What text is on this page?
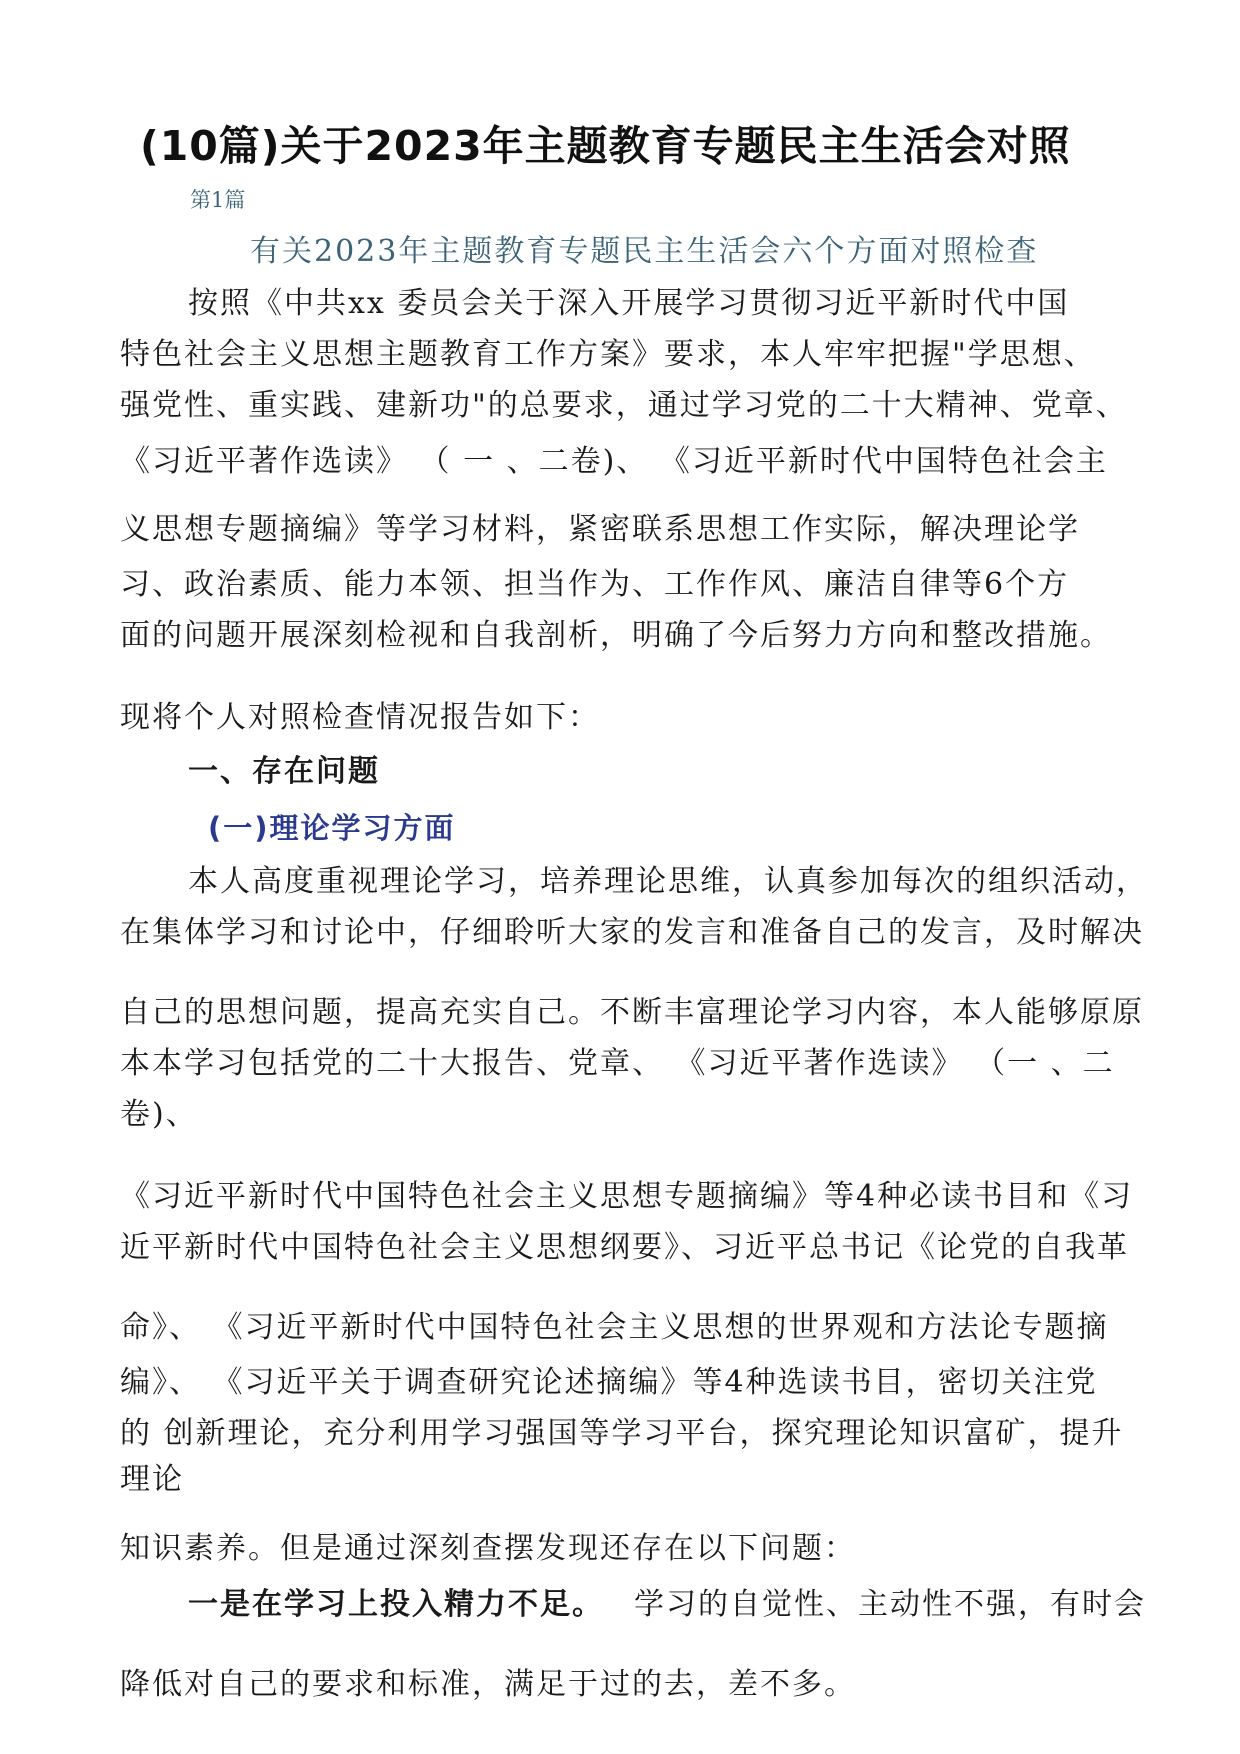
(10篇)关于2023年主题教育专题民主生活会对照
第1篇
有关2023年主题教育专题民主生活会六个方面对照检查
按照《中共xx 委员会关于深入开展学习贯彻习近平新时代中国
特色社会主义思想主题教育工作方案》要求，本人牢牢把握"学思想、
强党性、重实践、建新功"的总要求，通过学习党的二十大精神、党章、
《习近平著作选读》 （ 一 、二卷)、 《习近平新时代中国特色社会主
义思想专题摘编》等学习材料，紧密联系思想工作实际，解决理论学
习、政治素质、能力本领、担当作为、工作作风、廉洁自律等6个方
面的问题开展深刻检视和自我剖析，明确了今后努力方向和整改措施。
现将个人对照检查情况报告如下：
一、存在问题
(一)理论学习方面
本人高度重视理论学习，培养理论思维，认真参加每次的组织活动，
在集体学习和讨论中，仔细聆听大家的发言和准备自己的发言，及时解决
自己的思想问题，提高充实自己。不断丰富理论学习内容，本人能够原原
本本学习包括党的二十大报告、党章、 《习近平著作选读》 （一 、二
卷)、
《习近平新时代中国特色社会主义思想专题摘编》等4种必读书目和《习
近平新时代中国特色社会主义思想纲要》、习近平总书记《论党的自我革
命》、 《习近平新时代中国特色社会主义思想的世界观和方法论专题摘
编》、 《习近平关于调查研究论述摘编》等4种选读书目，密切关注党
的 创新理论，充分利用学习强国等学习平台，探究理论知识富矿，提升
理论
知识素养。但是通过深刻查摆发现还存在以下问题：
一是在学习上投入精力不足。 学习的自觉性、主动性不强，有时会
降低对自己的要求和标准，满足于过的去，差不多。
